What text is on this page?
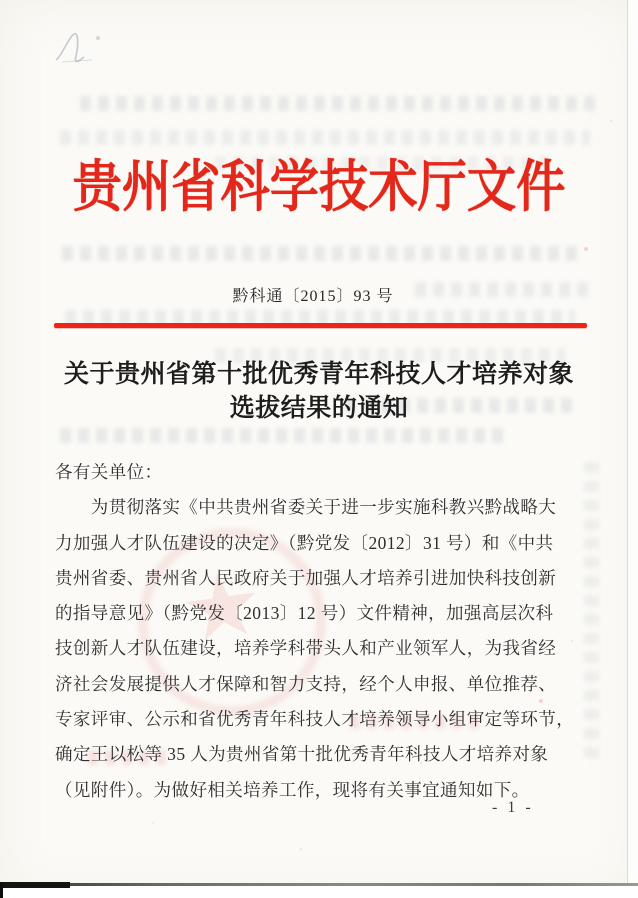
贵州省科学技术厅文件
黔科通〔2015〕93 号
关于贵州省第十批优秀青年科技人才培养对象
选拔结果的通知
各有关单位：
　　为贯彻落实《中共贵州省委关于进一步实施科教兴黔战略大
力加强人才队伍建设的决定》（黔党发〔2012〕31 号）和《中共
贵州省委、贵州省人民政府关于加强人才培养引进加快科技创新
的指导意见》（黔党发〔2013〕12 号）文件精神，加强高层次科
技创新人才队伍建设，培养学科带头人和产业领军人，为我省经
济社会发展提供人才保障和智力支持，经个人申报、单位推荐、
专家评审、公示和省优秀青年科技人才培养领导小组审定等环节，
确定王以松等 35 人为贵州省第十批优秀青年科技人才培养对象
（见附件）。为做好相关培养工作，现将有关事宜通知如下。
- 1 -
